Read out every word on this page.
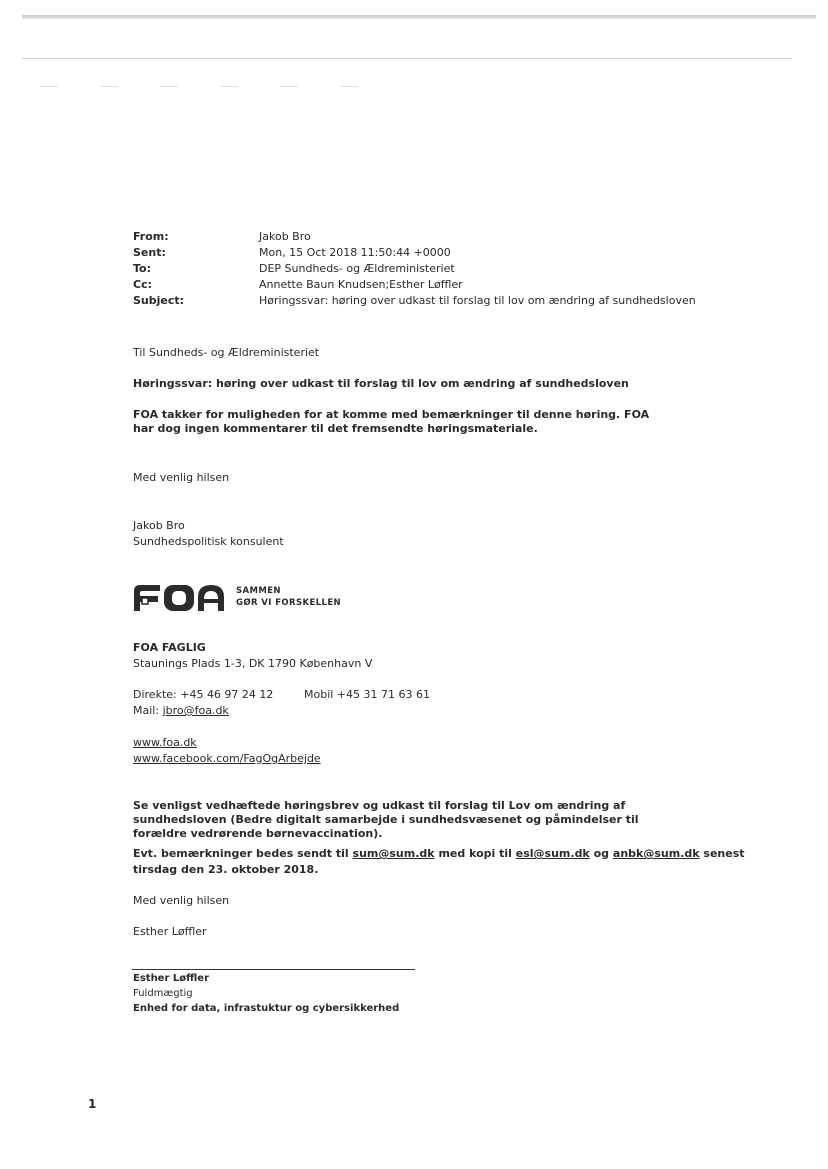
From:	Jakob Bro
Sent:	Mon, 15 Oct 2018 11:50:44 +0000
To:	DEP Sundheds- og Ældreministeriet
Cc:	Annette Baun Knudsen;Esther Løffler
Subject:	Høringssvar: høring over udkast til forslag til lov om ændring af sundhedsloven
Til Sundheds- og Ældreministeriet
Høringssvar: høring over udkast til forslag til lov om ændring af sundhedsloven
FOA takker for muligheden for at komme med bemærkninger til denne høring. FOA har dog ingen kommentarer til det fremsendte høringsmateriale.
Med venlig hilsen
Jakob Bro
Sundhedspolitisk konsulent
FOA
SAMMEN
GØR VI FORSKELLEN
FOA FAGLIG
Staunings Plads 1-3, DK 1790 København V
Direkte: +45 46 97 24 12	Mobil +45 31 71 63 61
Mail: jbro@foa.dk
www.foa.dk
www.facebook.com/FagOgArbejde
Se venligst vedhæftede høringsbrev og udkast til forslag til Lov om ændring af sundhedsloven (Bedre digitalt samarbejde i sundhedsvæsenet og påmindelser til forældre vedrørende børnevaccination).
Evt. bemærkninger bedes sendt til sum@sum.dk med kopi til esl@sum.dk og anbk@sum.dk senest
tirsdag den 23. oktober 2018.
Med venlig hilsen
Esther Løffler
Esther Løffler
Fuldmægtig
Enhed for data, infrastuktur og cybersikkerhed
1
